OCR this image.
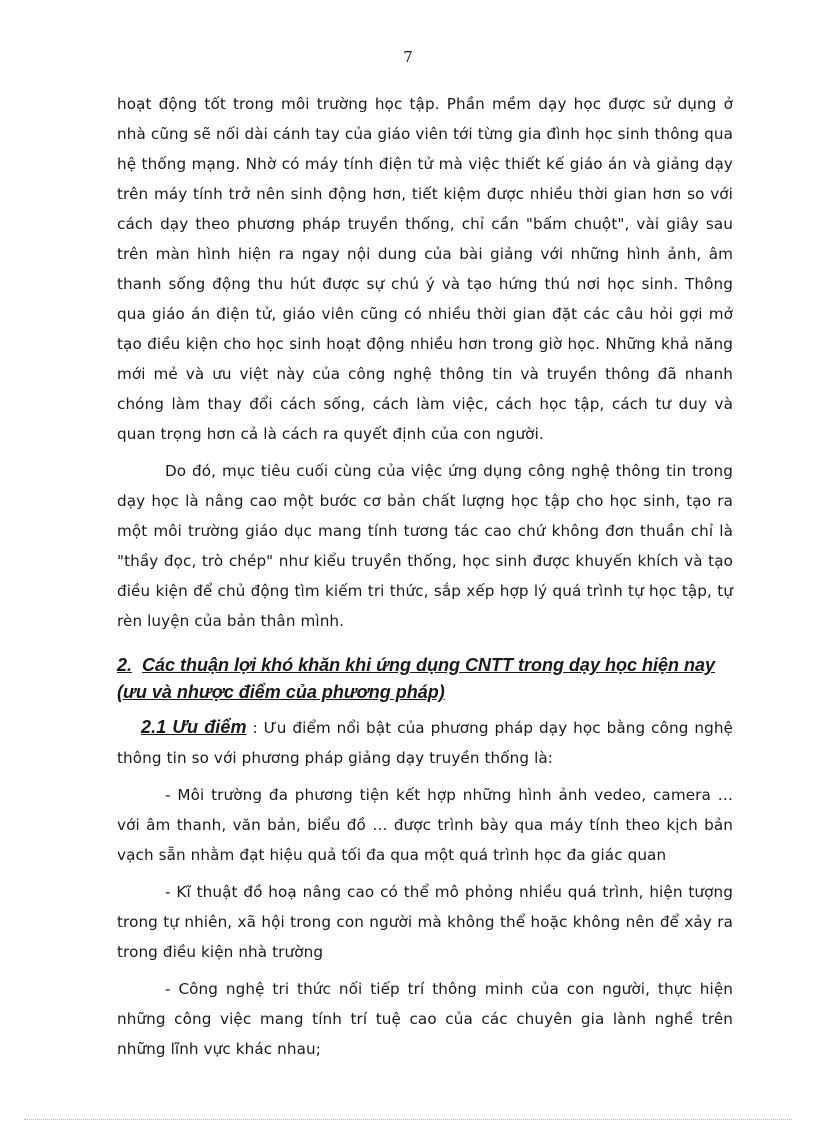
7

hoạt động tốt trong môi trường học tập. Phần mềm dạy học được sử dụng ở nhà cũng sẽ nối dài cánh tay của giáo viên tới từng gia đình học sinh thông qua hệ thống mạng. Nhờ có máy tính điện tử mà việc thiết kế giáo án và giảng dạy trên máy tính trở nên sinh động hơn, tiết kiệm được nhiều thời gian hơn so với cách dạy theo phương pháp truyền thống, chỉ cần "bấm chuột", vài giây sau trên màn hình hiện ra ngay nội dung của bài giảng với những hình ảnh, âm thanh sống động thu hút được sự chú ý và tạo hứng thú nơi học sinh. Thông qua giáo án điện tử, giáo viên cũng có nhiều thời gian đặt các câu hỏi gợi mở tạo điều kiện cho học sinh hoạt động nhiều hơn trong giờ học. Những khả năng mới mẻ và ưu việt này của công nghệ thông tin và truyền thông đã nhanh chóng làm thay đổi cách sống, cách làm việc, cách học tập, cách tư duy và quan trọng hơn cả là cách ra quyết định của con người.

Do đó, mục tiêu cuối cùng của việc ứng dụng công nghệ thông tin trong dạy học là nâng cao một bước cơ bản chất lượng học tập cho học sinh, tạo ra một môi trường giáo dục mang tính tương tác cao chứ không đơn thuần chỉ là "thầy đọc, trò chép" như kiểu truyền thống, học sinh được khuyến khích và tạo điều kiện để chủ động tìm kiếm tri thức, sắp xếp hợp lý quá trình tự học tập, tự rèn luyện của bản thân mình.

2. Các thuận lợi khó khăn khi ứng dụng CNTT trong dạy học hiện nay (ưu và nhược điểm của phương pháp)

2.1 Ưu điểm : Ưu điểm nổi bật của phương pháp dạy học bằng công nghệ thông tin so với phương pháp giảng dạy truyền thống là:

- Môi trường đa phương tiện kết hợp những hình ảnh vedeo, camera … với âm thanh, văn bản, biểu đồ … được trình bày qua máy tính theo kịch bản vạch sẵn nhằm đạt hiệu quả tối đa qua một quá trình học đa giác quan

- Kĩ thuật đồ hoạ nâng cao có thể mô phỏng nhiều quá trình, hiện tượng trong tự nhiên, xã hội trong con người mà không thể hoặc không nên để xảy ra trong điều kiện nhà trường

- Công nghệ tri thức nối tiếp trí thông minh của con người, thực hiện những công việc mang tính trí tuệ cao của các chuyên gia lành nghề trên những lĩnh vực khác nhau;
